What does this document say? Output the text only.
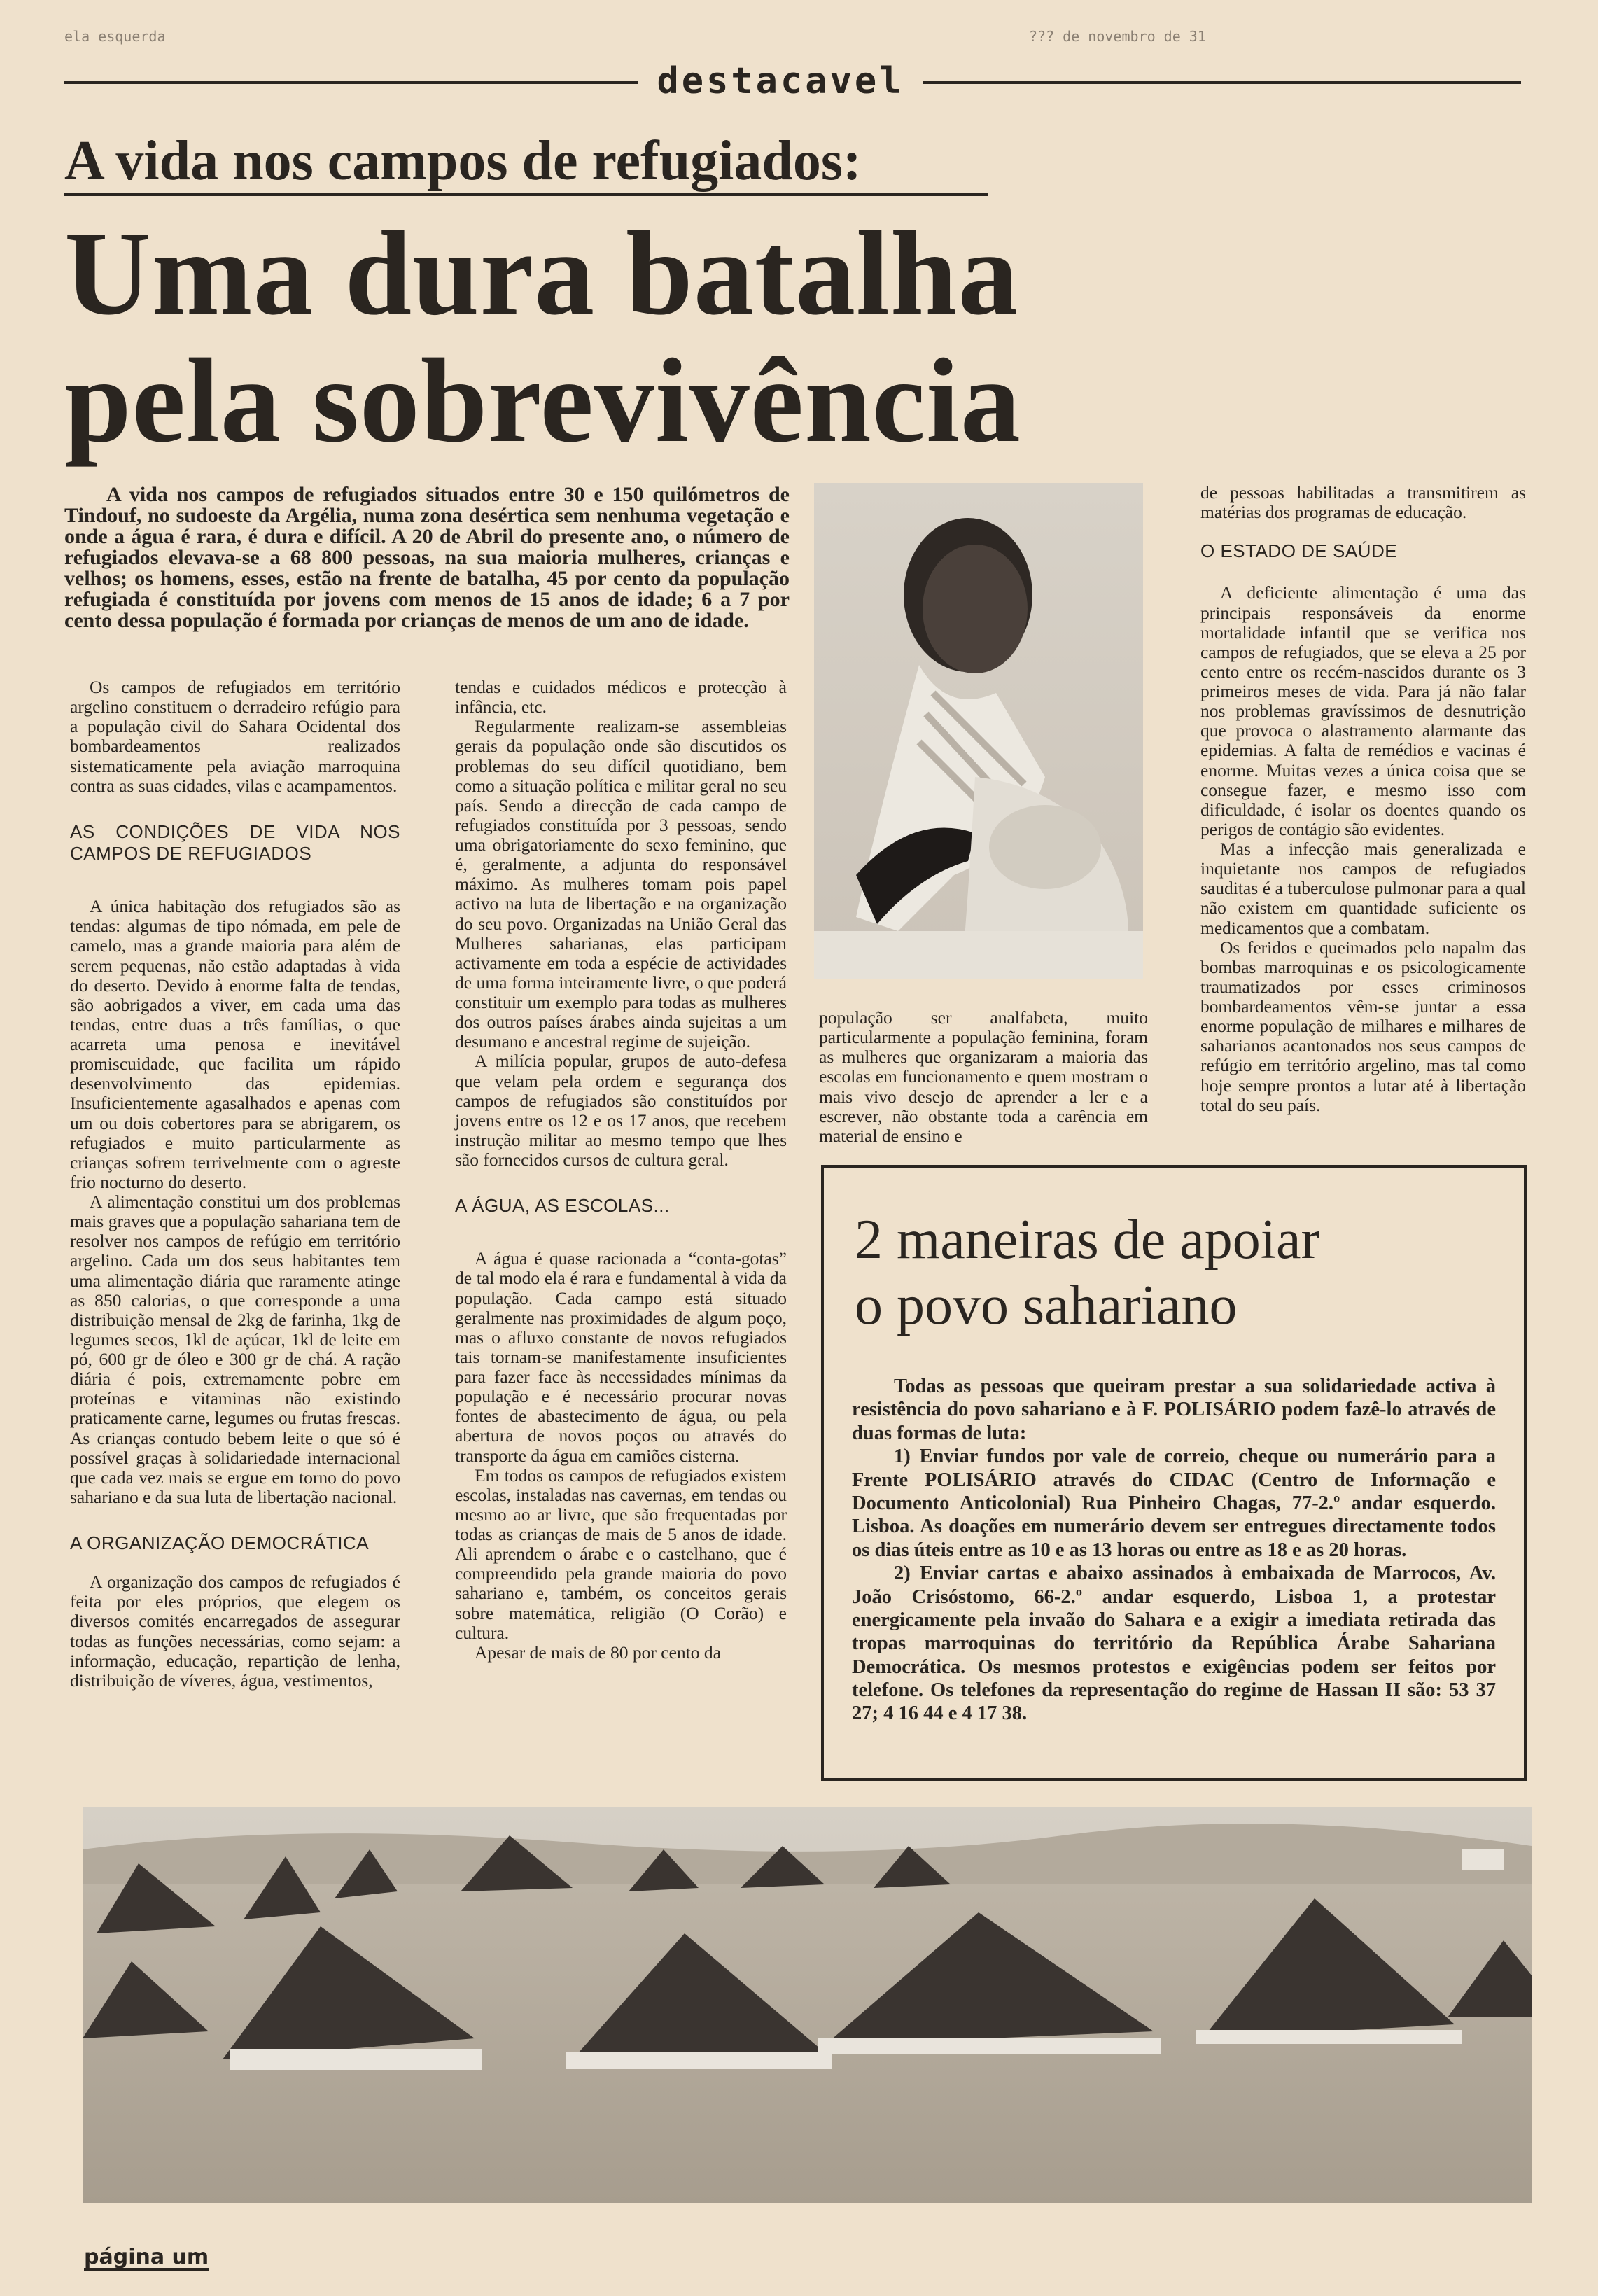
ela esquerda	??? de novembro de 31
destacavel
A vida nos campos de refugiados:
Uma dura batalha
pela sobrevivência
A vida nos campos de refugiados situados entre 30 e 150 quilómetros de Tindouf, no sudoeste da Argélia, numa zona desértica sem nenhuma vegetação e onde a água é rara, é dura e difícil. A 20 de Abril do presente ano, o número de refugiados elevava-se a 68 800 pessoas, na sua maioria mulheres, crianças e velhos; os homens, esses, estão na frente de batalha, 45 por cento da população refugiada é constituída por jovens com menos de 15 anos de idade; 6 a 7 por cento dessa população é formada por crianças de menos de um ano de idade.

Os campos de refugiados em território argelino constituem o derradeiro refúgio para a população civil do Sahara Ocidental dos bombardeamentos realizados sistematicamente pela aviação marroquina contra as suas cidades, vilas e acampamentos.

AS CONDIÇÕES DE VIDA NOS CAMPOS DE REFUGIADOS

A única habitação dos refugiados são as tendas: algumas de tipo nómada, em pele de camelo, mas a grande maioria para além de serem pequenas, não estão adaptadas à vida do deserto. Devido à enorme falta de tendas, são aobrigados a viver, em cada uma das tendas, entre duas a três famílias, o que acarreta uma penosa e inevitável promiscuidade, que facilita um rápido desenvolvimento das epidemias. Insuficientemente agasalhados e apenas com um ou dois cobertores para se abrigarem, os refugiados e muito particularmente as crianças sofrem terrivelmente com o agreste frio nocturno do deserto.

A alimentação constitui um dos problemas mais graves que a população sahariana tem de resolver nos campos de refúgio em território argelino. Cada um dos seus habitantes tem uma alimentação diária que raramente atinge as 850 calorias, o que corresponde a uma distribuição mensal de 2kg de farinha, 1kg de legumes secos, 1kl de açúcar, 1kl de leite em pó, 600 gr de óleo e 300 gr de chá. A ração diária é pois, extremamente pobre em proteínas e vitaminas não existindo praticamente carne, legumes ou frutas frescas. As crianças contudo bebem leite o que só é possível graças à solidariedade internacional que cada vez mais se ergue em torno do povo sahariano e da sua luta de libertação nacional.

A ORGANIZAÇÃO DEMOCRÁTICA

A organização dos campos de refugiados é feita por eles próprios, que elegem os diversos comités encarregados de assegurar todas as funções necessárias, como sejam: a informação, educação, repartição de lenha, distribuição de víveres, água, vestimentos,

tendas e cuidados médicos e protecção à infância, etc.

Regularmente realizam-se assembleias gerais da população onde são discutidos os problemas do seu difícil quotidiano, bem como a situação política e militar geral no seu país. Sendo a direcção de cada campo de refugiados constituída por 3 pessoas, sendo uma obrigatoriamente do sexo feminino, que é, geralmente, a adjunta do responsável máximo. As mulheres tomam pois papel activo na luta de libertação e na organização do seu povo. Organizadas na União Geral das Mulheres saharianas, elas participam activamente em toda a espécie de actividades de uma forma inteiramente livre, o que poderá constituir um exemplo para todas as mulheres dos outros países árabes ainda sujeitas a um desumano e ancestral regime de sujeição.

A milícia popular, grupos de auto-defesa que velam pela ordem e segurança dos campos de refugiados são constituídos por jovens entre os 12 e os 17 anos, que recebem instrução militar ao mesmo tempo que lhes são fornecidos cursos de cultura geral.

A ÁGUA, AS ESCOLAS...

A água é quase racionada a “conta-gotas” de tal modo ela é rara e fundamental à vida da população. Cada campo está situado geralmente nas proximidades de algum poço, mas o afluxo constante de novos refugiados tais tornam-se manifestamente insuficientes para fazer face às necessidades mínimas da população e é necessário procurar novas fontes de abastecimento de água, ou pela abertura de novos poços ou através do transporte da água em camiões cisterna.

Em todos os campos de refugiados existem escolas, instaladas nas cavernas, em tendas ou mesmo ao ar livre, que são frequentadas por todas as crianças de mais de 5 anos de idade. Ali aprendem o árabe e o castelhano, que é compreendido pela grande maioria do povo sahariano e, também, os conceitos gerais sobre matemática, religião (O Corão) e cultura.

Apesar de mais de 80 por cento da

população ser analfabeta, muito particularmente a população feminina, foram as mulheres que organizaram a maioria das escolas em funcionamento e quem mostram o mais vivo desejo de aprender a ler e a escrever, não obstante toda a carência em material de ensino e

de pessoas habilitadas a transmitirem as matérias dos programas de educação.

O ESTADO DE SAÚDE

A deficiente alimentação é uma das principais responsáveis da enorme mortalidade infantil que se verifica nos campos de refugiados, que se eleva a 25 por cento entre os recém-nascidos durante os 3 primeiros meses de vida. Para já não falar nos problemas gravíssimos de desnutrição que provoca o alastramento alarmante das epidemias. A falta de remédios e vacinas é enorme. Muitas vezes a única coisa que se consegue fazer, e mesmo isso com dificuldade, é isolar os doentes quando os perigos de contágio são evidentes.

Mas a infecção mais generalizada e inquietante nos campos de refugiados sauditas é a tuberculose pulmonar para a qual não existem em quantidade suficiente os medicamentos que a combatam.

Os feridos e queimados pelo napalm das bombas marroquinas e os psicologicamente traumatizados por esses criminosos bombardeamentos vêm-se juntar a essa enorme população de milhares e milhares de saharianos acantonados nos seus campos de refúgio em território argelino, mas tal como hoje sempre prontos a lutar até à libertação total do seu país.

2 maneiras de apoiar
o povo sahariano

Todas as pessoas que queiram prestar a sua solidariedade activa à resistência do povo sahariano e à F. POLISÁRIO podem fazê-lo através de duas formas de luta:

1) Enviar fundos por vale de correio, cheque ou numerário para a Frente POLISÁRIO através do CIDAC (Centro de Informação e Documento Anticolonial) Rua Pinheiro Chagas, 77-2.º andar esquerdo. Lisboa. As doações em numerário devem ser entregues directamente todos os dias úteis entre as 10 e as 13 horas ou entre as 18 e as 20 horas.

2) Enviar cartas e abaixo assinados à embaixada de Marrocos, Av. João Crisóstomo, 66-2.º andar esquerdo, Lisboa 1, a protestar energicamente pela invaão do Sahara e a exigir a imediata retirada das tropas marroquinas do território da República Árabe Sahariana Democrática. Os mesmos protestos e exigências podem ser feitos por telefone. Os telefones da representação do regime de Hassan II são: 53 37 27; 4 16 44 e 4 17 38.

página um
